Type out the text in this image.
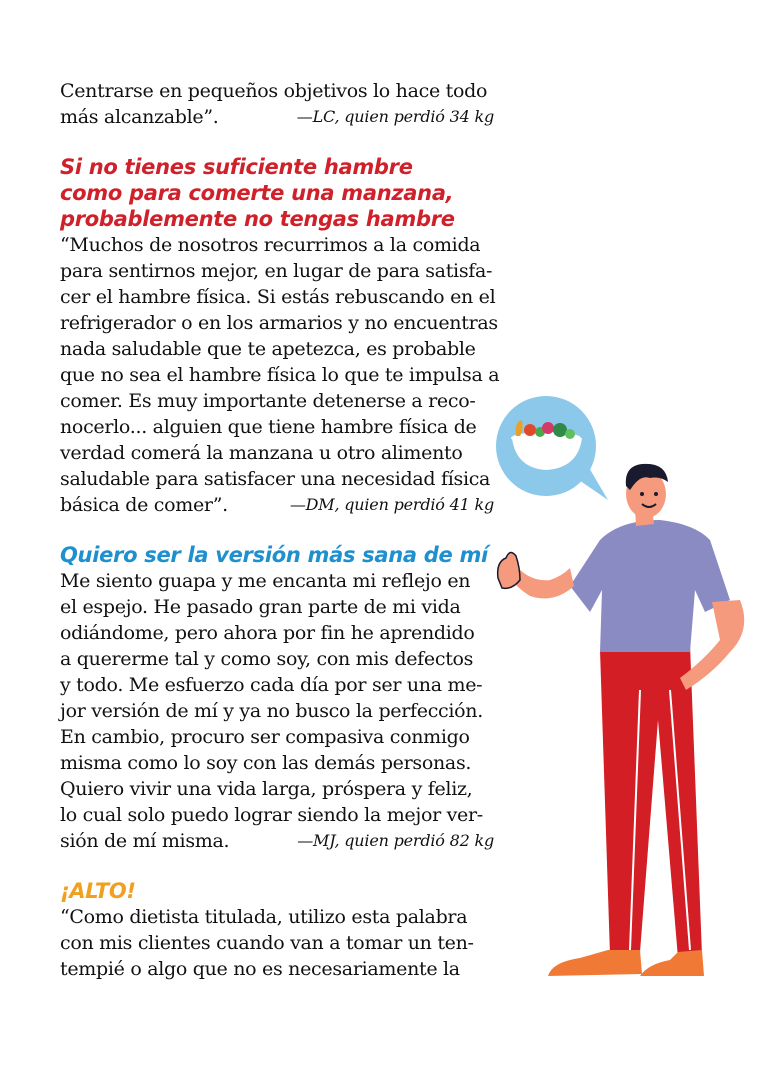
Centrarse en pequeños objetivos lo hace todo
más alcanzable”.	—LC, quien perdió 34 kg
Si no tienes suficiente hambre
como para comerte una manzana,
probablemente no tengas hambre
“Muchos de nosotros recurrimos a la comida
para sentirnos mejor, en lugar de para satisfa-
cer el hambre física. Si estás rebuscando en el
refrigerador o en los armarios y no encuentras
nada saludable que te apetezca, es probable
que no sea el hambre física lo que te impulsa a
comer. Es muy importante detenerse a reco-
nocerlo... alguien que tiene hambre física de
verdad comerá la manzana u otro alimento
saludable para satisfacer una necesidad física
básica de comer”.	—DM, quien perdió 41 kg
Quiero ser la versión más sana de mí
Me siento guapa y me encanta mi reflejo en
el espejo. He pasado gran parte de mi vida
odiándome, pero ahora por fin he aprendido
a quererme tal y como soy, con mis defectos
y todo. Me esfuerzo cada día por ser una me-
jor versión de mí y ya no busco la perfección.
En cambio, procuro ser compasiva conmigo
misma como lo soy con las demás personas.
Quiero vivir una vida larga, próspera y feliz,
lo cual solo puedo lograr siendo la mejor ver-
sión de mí misma.	—MJ, quien perdió 82 kg
¡ALTO!
“Como dietista titulada, utilizo esta palabra
con mis clientes cuando van a tomar un ten-
tempié o algo que no es necesariamente la
